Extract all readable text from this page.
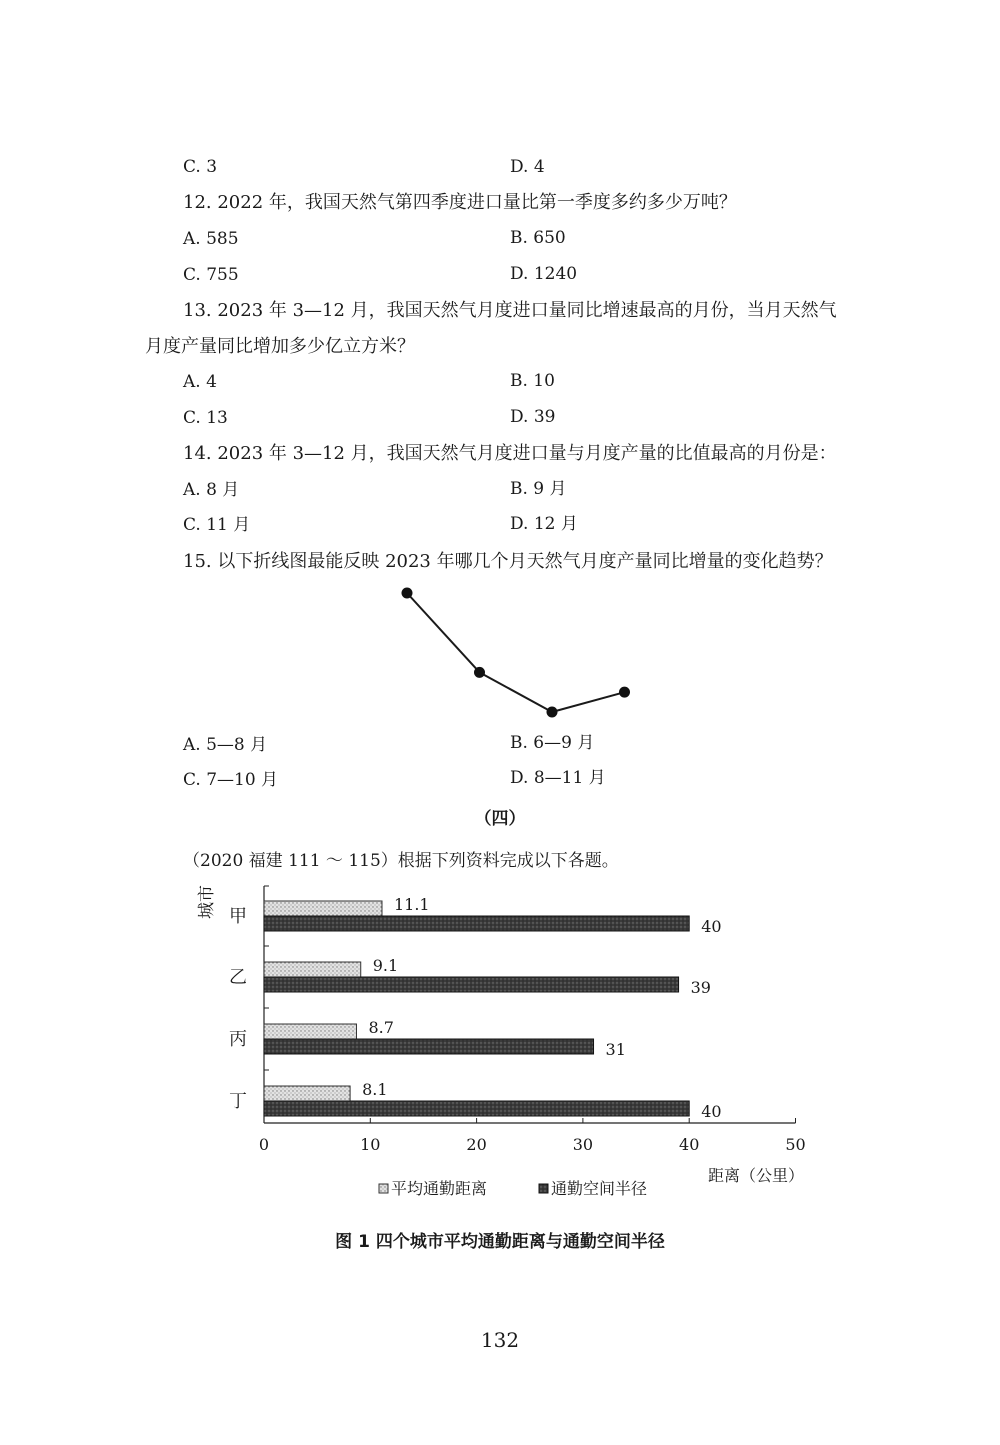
C. 3	D. 4
12. 2022 年，我国天然气第四季度进口量比第一季度多约多少万吨？
A. 585	B. 650
C. 755	D. 1240
13. 2023 年 3—12 月，我国天然气月度进口量同比增速最高的月份，当月天然气
月度产量同比增加多少亿立方米？
A. 4	B. 10
C. 13	D. 39
14. 2023 年 3—12 月，我国天然气月度进口量与月度产量的比值最高的月份是：
A. 8 月	B. 9 月
C. 11 月	D. 12 月
15. 以下折线图最能反映 2023 年哪几个月天然气月度产量同比增量的变化趋势？
A. 5—8 月	B. 6—9 月
C. 7—10 月	D. 8—11 月
（四）
（2020 福建 111 ～ 115）根据下列资料完成以下各题。
0	10	20	30	40	50
城市
距离（公里）
甲
11.1
40
乙
9.1
39
丙
8.7
31
丁
8.1
40
平均通勤距离	通勤空间半径
图 1 四个城市平均通勤距离与通勤空间半径
132
